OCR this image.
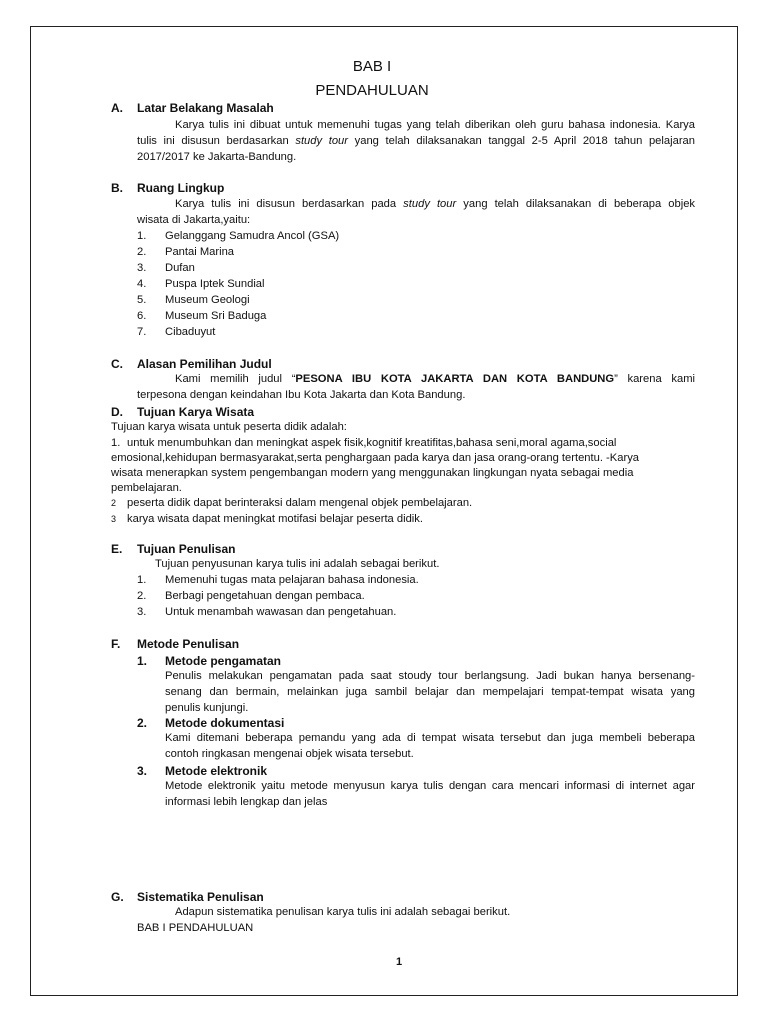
BAB I
PENDAHULUAN
A. Latar Belakang Masalah
Karya tulis ini dibuat untuk memenuhi tugas yang telah diberikan oleh guru bahasa indonesia. Karya
tulis ini disusun berdasarkan study tour yang telah dilaksanakan tanggal 2-5 April 2018 tahun pelajaran
2017/2017 ke Jakarta-Bandung.
B. Ruang Lingkup
Karya tulis ini disusun berdasarkan pada study tour yang telah dilaksanakan di beberapa objek
wisata di Jakarta,yaitu:
1. Gelanggang Samudra Ancol (GSA)
2. Pantai Marina
3. Dufan
4. Puspa Iptek Sundial
5. Museum Geologi
6. Museum Sri Baduga
7. Cibaduyut
C. Alasan Pemilihan Judul
Kami memilih judul “PESONA IBU KOTA JAKARTA DAN KOTA BANDUNG” karena kami
terpesona dengan keindahan Ibu Kota Jakarta dan Kota Bandung.
D. Tujuan Karya Wisata
Tujuan karya wisata untuk peserta didik adalah:
1. untuk menumbuhkan dan meningkat aspek fisik,kognitif kreatifitas,bahasa seni,moral agama,social
emosional,kehidupan bermasyarakat,serta penghargaan pada karya dan jasa orang-orang tertentu. -Karya
wisata menerapkan system pengembangan modern yang menggunakan lingkungan nyata sebagai media
pembelajaran.
2 peserta didik dapat berinteraksi dalam mengenal objek pembelajaran.
3 karya wisata dapat meningkat motifasi belajar peserta didik.
E. Tujuan Penulisan
Tujuan penyusunan karya tulis ini adalah sebagai berikut.
1. Memenuhi tugas mata pelajaran bahasa indonesia.
2. Berbagi pengetahuan dengan pembaca.
3. Untuk menambah wawasan dan pengetahuan.
F. Metode Penulisan
1. Metode pengamatan
Penulis melakukan pengamatan pada saat stoudy tour berlangsung. Jadi bukan hanya bersenang-
senang dan bermain, melainkan juga sambil belajar dan mempelajari tempat-tempat wisata yang
penulis kunjungi.
2. Metode dokumentasi
Kami ditemani beberapa pemandu yang ada di tempat wisata tersebut dan juga membeli beberapa
contoh ringkasan mengenai objek wisata tersebut.
3. Metode elektronik
Metode elektronik yaitu metode menyusun karya tulis dengan cara mencari informasi di internet agar
informasi lebih lengkap dan jelas
G. Sistematika Penulisan
Adapun sistematika penulisan karya tulis ini adalah sebagai berikut.
BAB I PENDAHULUAN
1
